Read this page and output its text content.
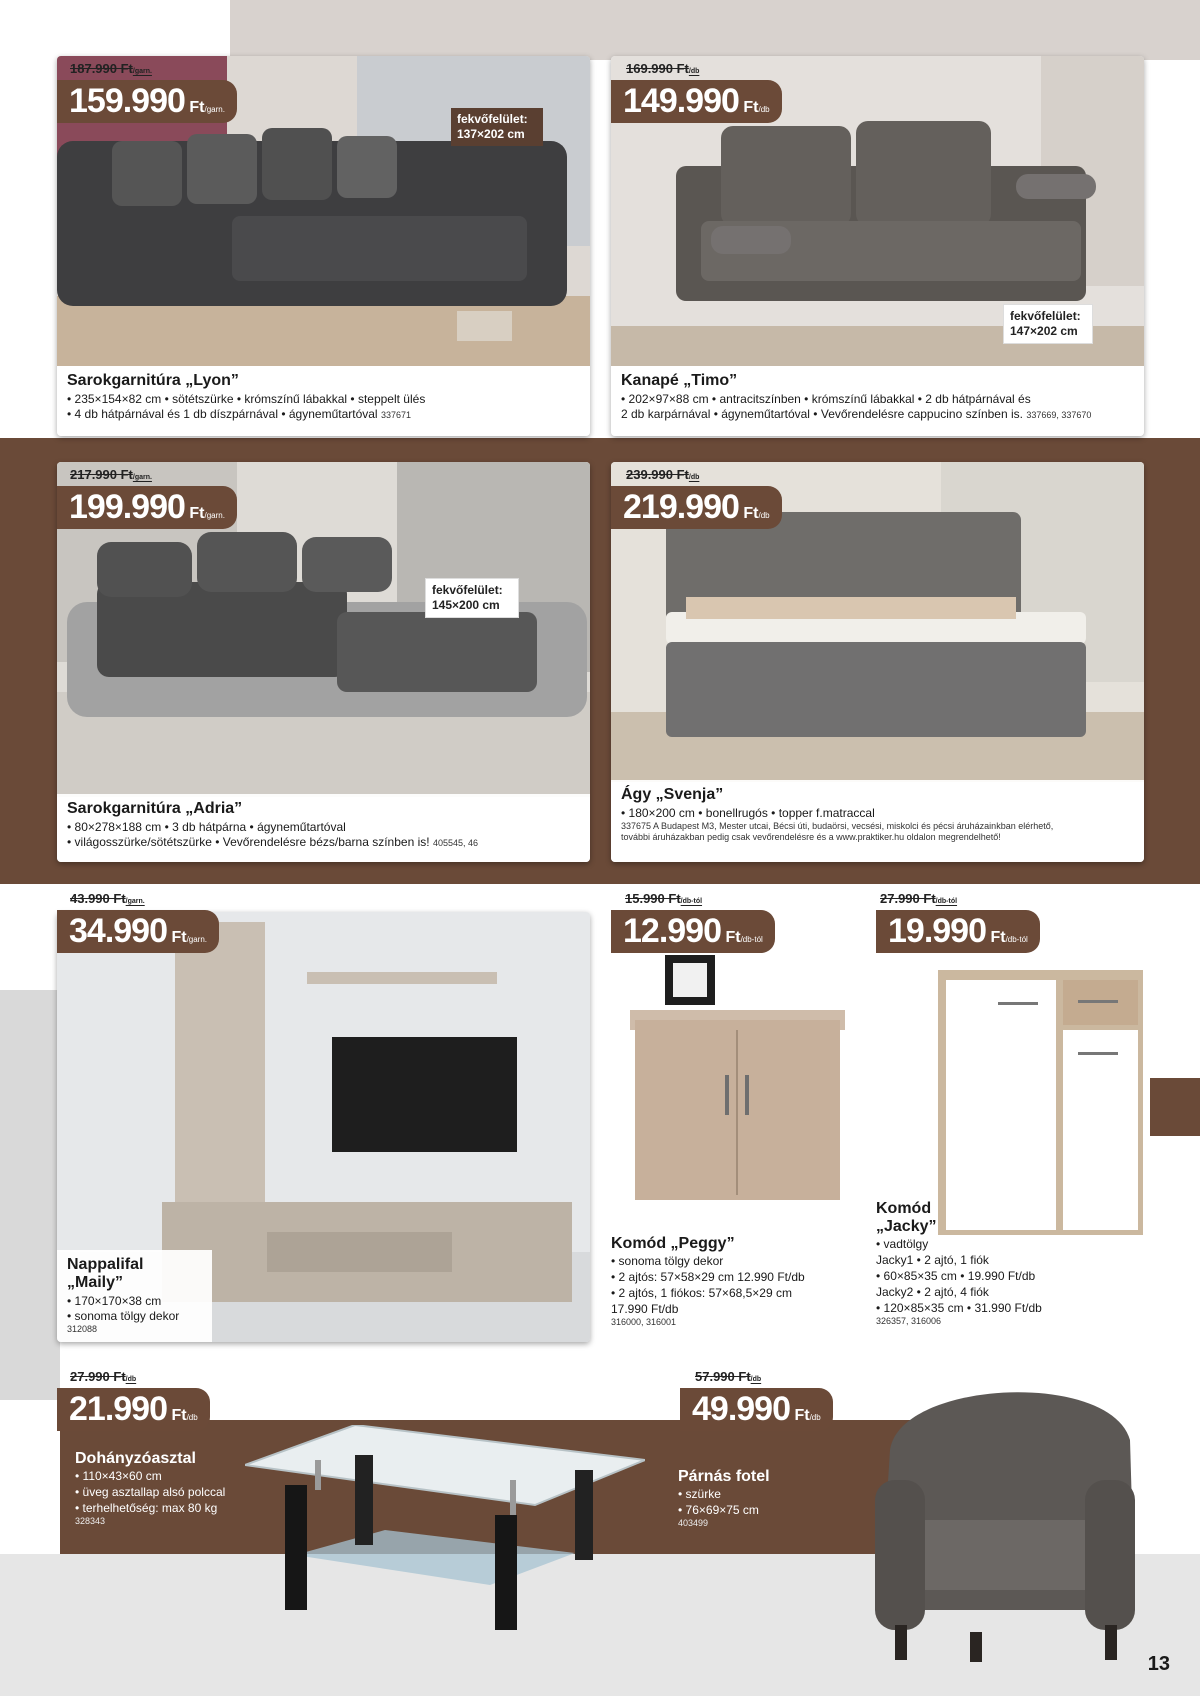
fekvőfelület:
137×202 cm
Sarokgarnitúra „Lyon”
• 235×154×82 cm • sötétszürke • krómszínű lábakkal • steppelt ülés
• 4 db hátpárnával és 1 db díszpárnával • ágyneműtartóval 337671
187.990 Ft/garn.
159.990 Ft/garn.
fekvőfelület:
147×202 cm
Kanapé „Timo”
• 202×97×88 cm • antracitszínben • krómszínű lábakkal • 2 db hátpárnával és
2 db karpárnával • ágyneműtartóval • Vevőrendelésre cappucino színben is. 337669, 337670
169.990 Ft/db
149.990 Ft/db
fekvőfelület:
145×200 cm
Sarokgarnitúra „Adria”
• 80×278×188 cm • 3 db hátpárna • ágyneműtartóval
• világosszürke/sötétszürke • Vevőrendelésre bézs/barna színben is! 405545, 46
217.990 Ft/garn.
199.990 Ft/garn.
Ágy „Svenja”
• 180×200 cm • bonellrugós • topper f.matraccal
337675 A Budapest M3, Mester utcai, Bécsi úti, budaörsi, vecsési, miskolci és pécsi áruházainkban elérhető,
további áruházakban pedig csak vevőrendelésre és a www.praktiker.hu oldalon megrendelhető!
239.990 Ft/db
219.990 Ft/db
Nappalifal „Maily”
• 170×170×38 cm
• sonoma tölgy dekor
312088
43.990 Ft/garn.
34.990 Ft/garn.
15.990 Ft/db-tól
12.990 Ft/db-tól
Komód „Peggy”
• sonoma tölgy dekor
• 2 ajtós: 57×58×29 cm 12.990 Ft/db
• 2 ajtós, 1 fiókos: 57×68,5×29 cm
17.990 Ft/db
316000, 316001
27.990 Ft/db-tól
19.990 Ft/db-tól
Komód
„Jacky”
• vadtölgy
Jacky1 • 2 ajtó, 1 fiók
• 60×85×35 cm • 19.990 Ft/db
Jacky2 • 2 ajtó, 4 fiók
• 120×85×35 cm • 31.990 Ft/db
326357, 316006
27.990 Ft/db
21.990 Ft/db
Dohányzóasztal
• 110×43×60 cm
• üveg asztallap alsó polccal
• terhelhetőség: max 80 kg
328343
57.990 Ft/db
49.990 Ft/db
Párnás fotel
• szürke
• 76×69×75 cm
403499
13
